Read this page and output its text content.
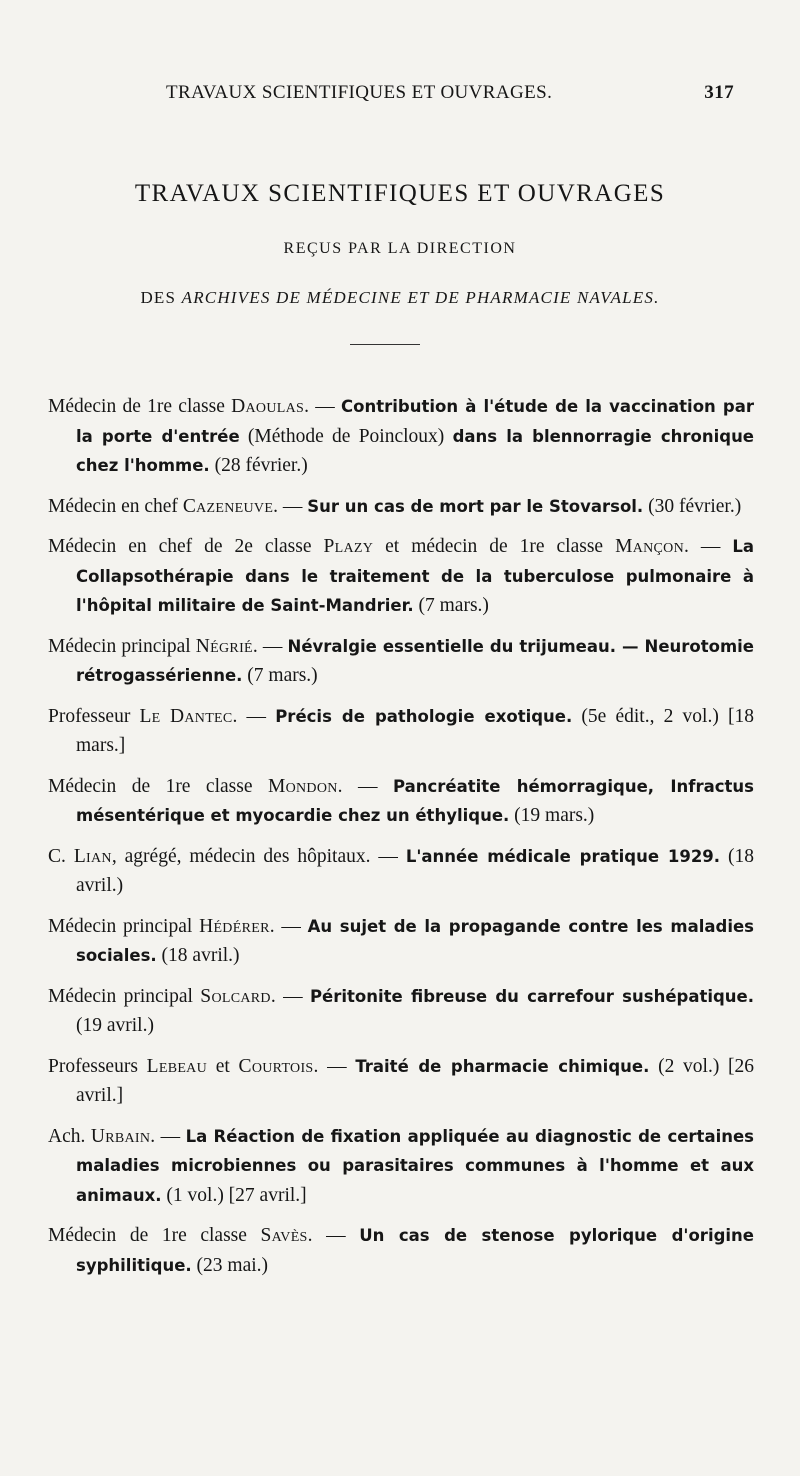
TRAVAUX SCIENTIFIQUES ET OUVRAGES.	317
TRAVAUX SCIENTIFIQUES ET OUVRAGES
REÇUS PAR LA DIRECTION
DES ARCHIVES DE MÉDECINE ET DE PHARMACIE NAVALES.
Médecin de 1re classe Daoulas. — Contribution à l'étude de la vaccination par la porte d'entrée (Méthode de Poincloux) dans la blennorragie chronique chez l'homme. (28 février.)
Médecin en chef Cazeneuve. — Sur un cas de mort par le Stovarsol. (30 février.)
Médecin en chef de 2e classe Plazy et médecin de 1re classe Mançon. — La Collapsothérapie dans le traitement de la tuberculose pulmonaire à l'hôpital militaire de Saint-Mandrier. (7 mars.)
Médecin principal Négrié. — Névralgie essentielle du trijumeau. — Neurotomie rétrogassérienne. (7 mars.)
Professeur Le Dantec. — Précis de pathologie exotique. (5e édit., 2 vol.) [18 mars.]
Médecin de 1re classe Mondon. — Pancréatite hémorragique, Infractus mésentérique et myocardie chez un éthylique. (19 mars.)
C. Lian, agrégé, médecin des hôpitaux. — L'année médicale pratique 1929. (18 avril.)
Médecin principal Hédérer. — Au sujet de la propagande contre les maladies sociales. (18 avril.)
Médecin principal Solcard. — Péritonite fibreuse du carrefour sushépatique. (19 avril.)
Professeurs Lebeau et Courtois. — Traité de pharmacie chimique. (2 vol.) [26 avril.]
Ach. Urbain. — La Réaction de fixation appliquée au diagnostic de certaines maladies microbiennes ou parasitaires communes à l'homme et aux animaux. (1 vol.) [27 avril.]
Médecin de 1re classe Savès. — Un cas de stenose pylorique d'origine syphilitique. (23 mai.)
